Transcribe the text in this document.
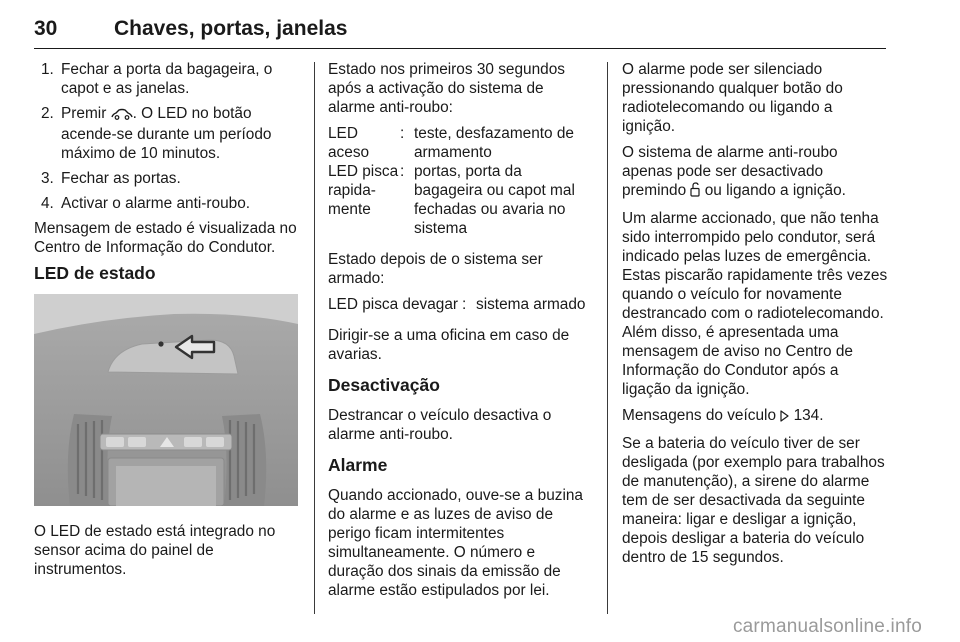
30	Chaves, portas, janelas
1. Fechar a porta da bagageira, o capot e as janelas.
2. Premir . O LED no botão acende-se durante um período máximo de 10 minutos.
3. Fechar as portas.
4. Activar o alarme anti-roubo.

Mensagem de estado é visualizada no Centro de Informação do Condutor.

LED de estado

O LED de estado está integrado no sensor acima do painel de instrumentos.

Estado nos primeiros 30 segundos após a activação do sistema de alarme anti-roubo:

LED aceso
: teste, desfazamento de armamento
LED pisca rapidamente
: portas, porta da bagageira ou capot mal fechadas ou avaria no sistema

Estado depois de o sistema ser armado:

LED pisca devagar : sistema armado

Dirigir-se a uma oficina em caso de avarias.

Desactivação

Destrancar o veículo desactiva o alarme anti-roubo.

Alarme

Quando accionado, ouve-se a buzina do alarme e as luzes de aviso de perigo ficam intermitentes simultaneamente. O número e duração dos sinais da emissão de alarme estão estipulados por lei.

O alarme pode ser silenciado pressionando qualquer botão do radiotelecomando ou ligando a ignição.

O sistema de alarme anti-roubo apenas pode ser desactivado premindo  ou ligando a ignição.

Um alarme accionado, que não tenha sido interrompido pelo condutor, será indicado pelas luzes de emergência. Estas piscarão rapidamente três vezes quando o veículo for novamente destrancado com o radiotelecomando. Além disso, é apresentada uma mensagem de aviso no Centro de Informação do Condutor após a ligação da ignição.

Mensagens do veículo  134.

Se a bateria do veículo tiver de ser desligada (por exemplo para trabalhos de manutenção), a sirene do alarme tem de ser desactivada da seguinte maneira: ligar e desligar a ignição, depois desligar a bateria do veículo dentro de 15 segundos.

carmanualsonline.info
